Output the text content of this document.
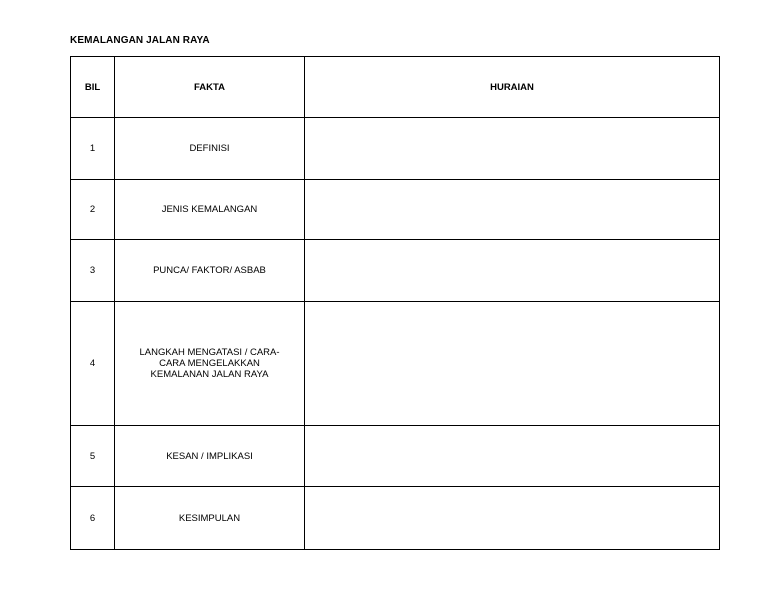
KEMALANGAN JALAN RAYA
BIL	FAKTA	HURAIAN
1	DEFINISI	
2	JENIS KEMALANGAN	
3	PUNCA/ FAKTOR/ ASBAB	
4	LANGKAH MENGATASI / CARA-
CARA MENGELAKKAN
KEMALANAN JALAN RAYA	
5	KESAN / IMPLIKASI	
6	KESIMPULAN	
